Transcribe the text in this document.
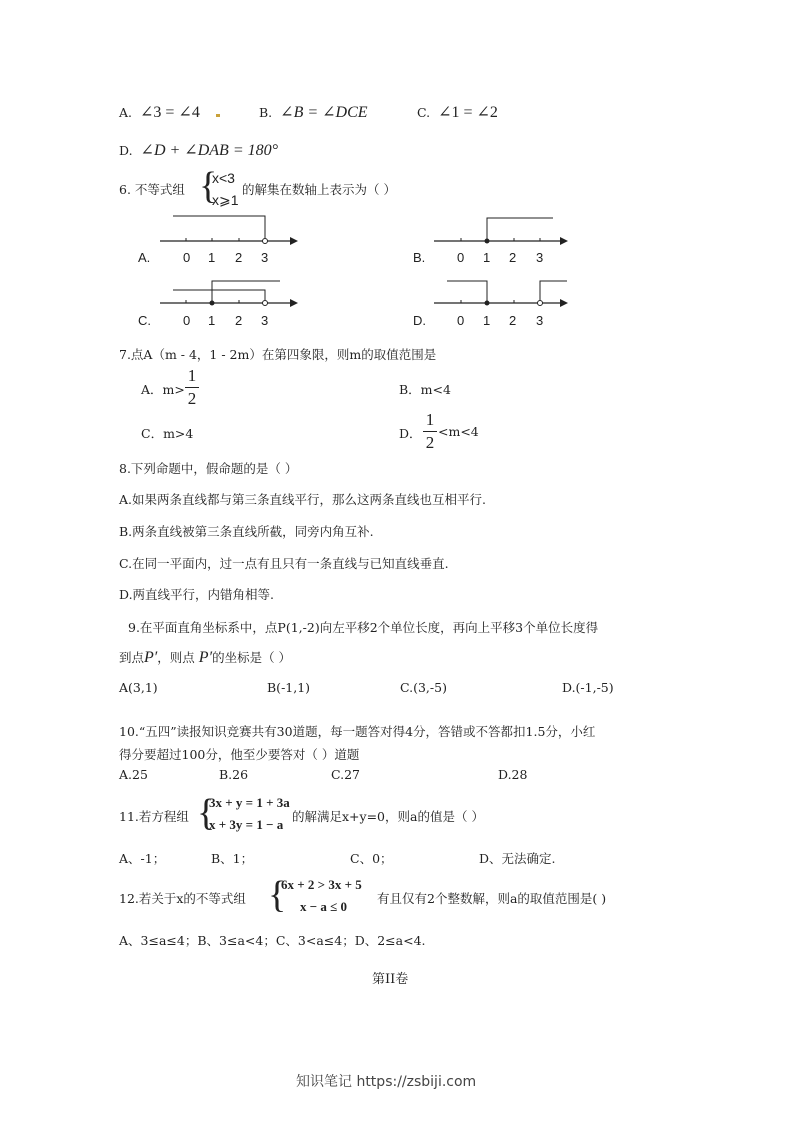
A. ∠3 = ∠4	B. ∠B = ∠DCE	C. ∠1 = ∠2
D. ∠D + ∠DAB = 180°
6. 不等式组 {
x<3
x⩾1
的解集在数轴上表示为（ ）
A.	0 1 2 3	B. 0 1 2 3
C. 0 1 2 3	D. 0 1 2 3
7.点A（m - 4，1 - 2m）在第四象限，则m的取值范围是
A．m>
1
2	B．m<4
C．m>4	D．
1
2
<m<4
8.下列命题中，假命题的是（ ）
A.如果两条直线都与第三条直线平行，那么这两条直线也互相平行.
B.两条直线被第三条直线所截，同旁内角互补.
C.在同一平面内，过一点有且只有一条直线与已知直线垂直.
D.两直线平行，内错角相等.
9.在平面直角坐标系中，点P(1,-2)向左平移2个单位长度，再向上平移3个单位长度得
到点P′，则点 P′的坐标是（ ）
A(3,1)	B(-1,1)	C.(3,-5)	D.(-1,-5)
10.“五四”读报知识竞赛共有30道题，每一题答对得4分，答错或不答都扣1.5分，小红
得分要超过100分，他至少要答对（ ）道题
A.25	B.26	C.27	D.28
11.若方程组 {
3x + y = 1 + 3a
x + 3y = 1 − a
的解满足x+y=0，则a的值是（ ）
A、-1；	B、1；	C、0；	D、无法确定.
12.若关于x的不等式组 {
6x + 2 > 3x + 5
x − a ≤ 0
有且仅有2个整数解，则a的取值范围是( )
A、3≤a≤4；B、3≤a<4；C、3<a≤4；D、2≤a<4.
第II卷
知识笔记 https://zsbiji.com
